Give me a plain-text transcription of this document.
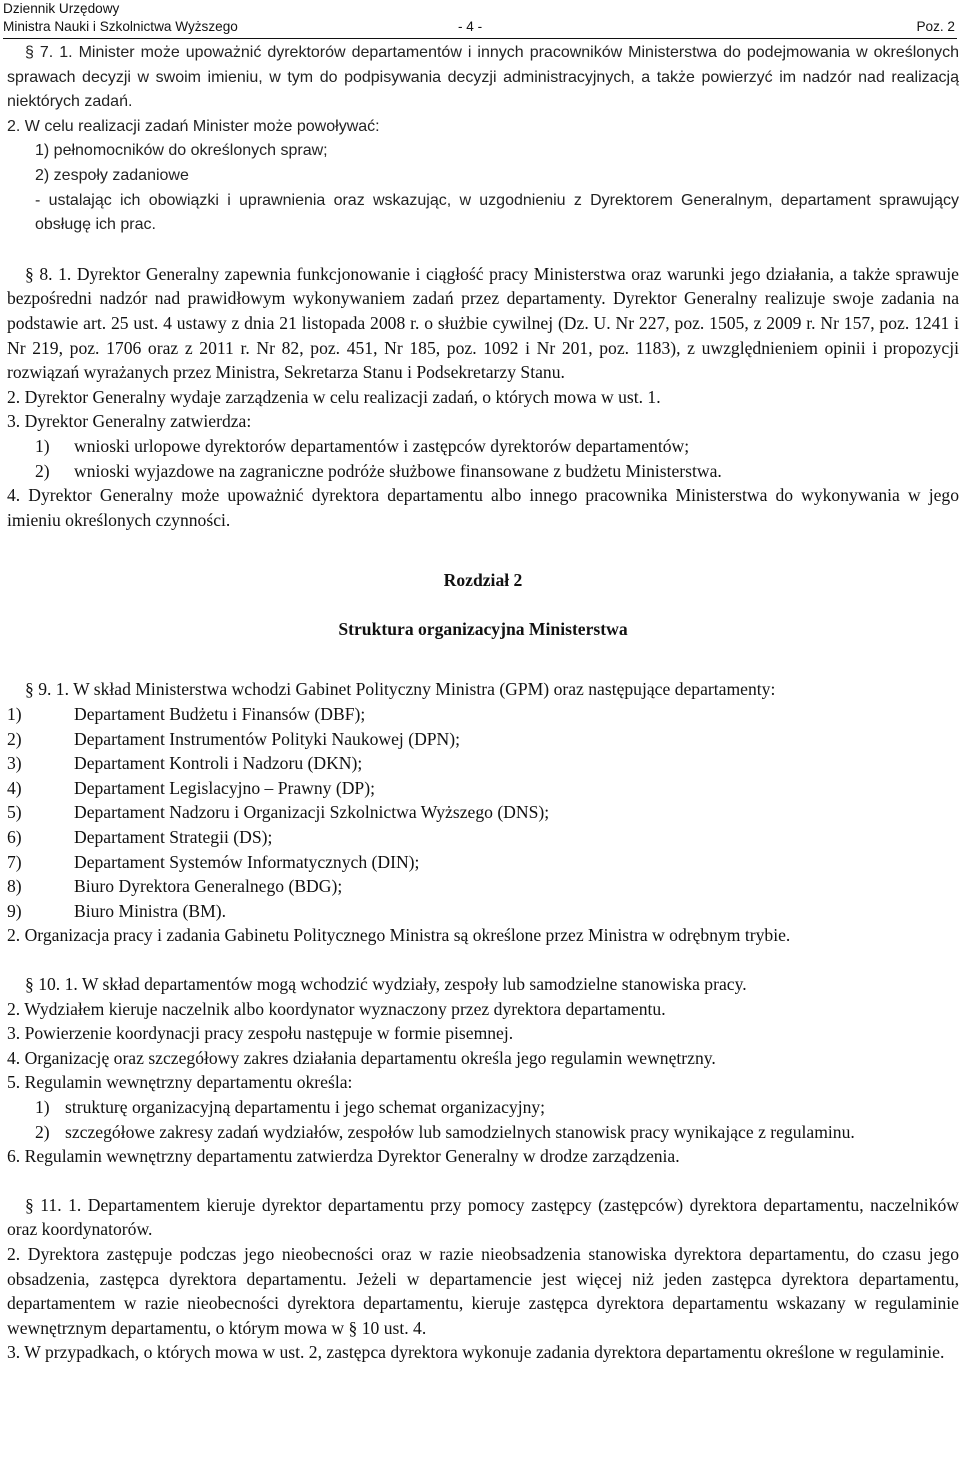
Dziennik Urzędowy
Ministra Nauki i Szkolnictwa Wyższego	- 4 -	Poz. 2

§ 7. 1. Minister może upoważnić dyrektorów departamentów i innych pracowników Ministerstwa do podejmowania w określonych sprawach decyzji w swoim imieniu, w tym do podpisywania decyzji administracyjnych, a także powierzyć im nadzór nad realizacją niektórych zadań.

2. W celu realizacji zadań Minister może powoływać:

1) pełnomocników do określonych spraw;

2) zespoły zadaniowe

- ustalając ich obowiązki i uprawnienia oraz wskazując, w uzgodnieniu z Dyrektorem Generalnym, departament sprawujący obsługę ich prac.

§ 8. 1. Dyrektor Generalny zapewnia funkcjonowanie i ciągłość pracy Ministerstwa oraz warunki jego działania, a także sprawuje bezpośredni nadzór nad prawidłowym wykonywaniem zadań przez departamenty. Dyrektor Generalny realizuje swoje zadania na podstawie art. 25 ust. 4 ustawy z dnia 21 listopada 2008 r. o służbie cywilnej (Dz. U. Nr 227, poz. 1505, z 2009 r. Nr 157, poz. 1241 i Nr 219, poz. 1706 oraz z 2011 r. Nr 82, poz. 451, Nr 185, poz. 1092 i Nr 201, poz. 1183), z uwzględnieniem opinii i propozycji rozwiązań wyrażanych przez Ministra, Sekretarza Stanu i Podsekretarzy Stanu.

2. Dyrektor Generalny wydaje zarządzenia w celu realizacji zadań, o których mowa w ust. 1.

3. Dyrektor Generalny zatwierdza:

1)	wnioski urlopowe dyrektorów departamentów i zastępców dyrektorów departamentów;
2)	wnioski wyjazdowe na zagraniczne podróże służbowe finansowane z budżetu Ministerstwa.

4. Dyrektor Generalny może upoważnić dyrektora departamentu albo innego pracownika Ministerstwa do wykonywania w jego imieniu określonych czynności.

Rozdział 2

Struktura organizacyjna Ministerstwa

§ 9. 1. W skład Ministerstwa wchodzi Gabinet Polityczny Ministra (GPM) oraz następujące departamenty:

1)	Departament Budżetu i Finansów (DBF);
2)	Departament Instrumentów Polityki Naukowej (DPN);
3)	Departament Kontroli i Nadzoru (DKN);
4)	Departament Legislacyjno – Prawny (DP);
5)	Departament Nadzoru i Organizacji Szkolnictwa Wyższego (DNS);
6)	Departament Strategii (DS);
7)	Departament Systemów Informatycznych (DIN);
8)	Biuro Dyrektora Generalnego (BDG);
9)	Biuro Ministra (BM).

2. Organizacja pracy i zadania Gabinetu Politycznego Ministra są określone przez Ministra w odrębnym trybie.

§ 10. 1. W skład departamentów mogą wchodzić wydziały, zespoły lub samodzielne stanowiska pracy.

2. Wydziałem kieruje naczelnik albo koordynator wyznaczony przez dyrektora departamentu.

3. Powierzenie koordynacji pracy zespołu następuje w formie pisemnej.

4. Organizację oraz szczegółowy zakres działania departamentu określa jego regulamin wewnętrzny.

5. Regulamin wewnętrzny departamentu określa:

1) strukturę organizacyjną departamentu i jego schemat organizacyjny;
2) szczegółowe zakresy zadań wydziałów, zespołów lub samodzielnych stanowisk pracy wynikające z regulaminu.

6. Regulamin wewnętrzny departamentu zatwierdza Dyrektor Generalny w drodze zarządzenia.

§ 11. 1. Departamentem kieruje dyrektor departamentu przy pomocy zastępcy (zastępców) dyrektora departamentu, naczelników oraz koordynatorów.

2. Dyrektora zastępuje podczas jego nieobecności oraz w razie nieobsadzenia stanowiska dyrektora departamentu, do czasu jego obsadzenia, zastępca dyrektora departamentu. Jeżeli w departamencie jest więcej niż jeden zastępca dyrektora departamentu, departamentem w razie nieobecności dyrektora departamentu, kieruje zastępca dyrektora departamentu wskazany w regulaminie wewnętrznym departamentu, o którym mowa w § 10 ust. 4.

3. W przypadkach, o których mowa w ust. 2, zastępca dyrektora wykonuje zadania dyrektora departamentu określone w regulaminie.
